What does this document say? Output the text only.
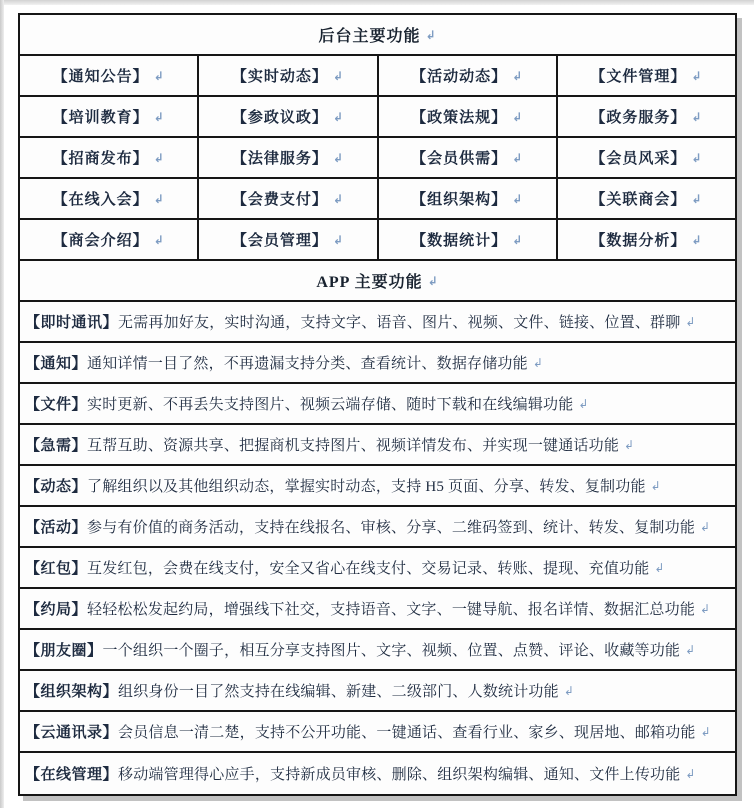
后台主要功能 ↲
【通知公告】 ↲	【实时动态】 ↲	【活动动态】 ↲	【文件管理】 ↲
【培训教育】 ↲	【参政议政】 ↲	【政策法规】 ↲	【政务服务】 ↲
【招商发布】 ↲	【法律服务】 ↲	【会员供需】 ↲	【会员风采】 ↲
【在线入会】 ↲	【会费支付】 ↲	【组织架构】 ↲	【关联商会】 ↲
【商会介绍】 ↲	【会员管理】 ↲	【数据统计】 ↲	【数据分析】 ↲
APP 主要功能 ↲
【即时通讯】 无需再加好友，实时沟通，支持文字、语音、图片、视频、文件、链接、位置、群聊 ↲
【通知】 通知详情一目了然，不再遗漏支持分类、查看统计、数据存储功能 ↲
【文件】 实时更新、不再丢失支持图片、视频云端存储、随时下载和在线编辑功能 ↲
【急需】 互帮互助、资源共享、把握商机支持图片、视频详情发布、并实现一键通话功能 ↲
【动态】 了解组织以及其他组织动态，掌握实时动态，支持 H5 页面、分享、转发、复制功能 ↲
【活动】 参与有价值的商务活动，支持在线报名、审核、分享、二维码签到、统计、转发、复制功能 ↲
【红包】 互发红包，会费在线支付，安全又省心在线支付、交易记录、转账、提现、充值功能 ↲
【约局】 轻轻松松发起约局，增强线下社交，支持语音、文字、一键导航、报名详情、数据汇总功能 ↲
【朋友圈】 一个组织一个圈子，相互分享支持图片、文字、视频、位置、点赞、评论、收藏等功能 ↲
【组织架构】 组织身份一目了然支持在线编辑、新建、二级部门、人数统计功能 ↲
【云通讯录】 会员信息一清二楚，支持不公开功能、一键通话、查看行业、家乡、现居地、邮箱功能 ↲
【在线管理】 移动端管理得心应手，支持新成员审核、删除、组织架构编辑、通知、文件上传功能 ↲
